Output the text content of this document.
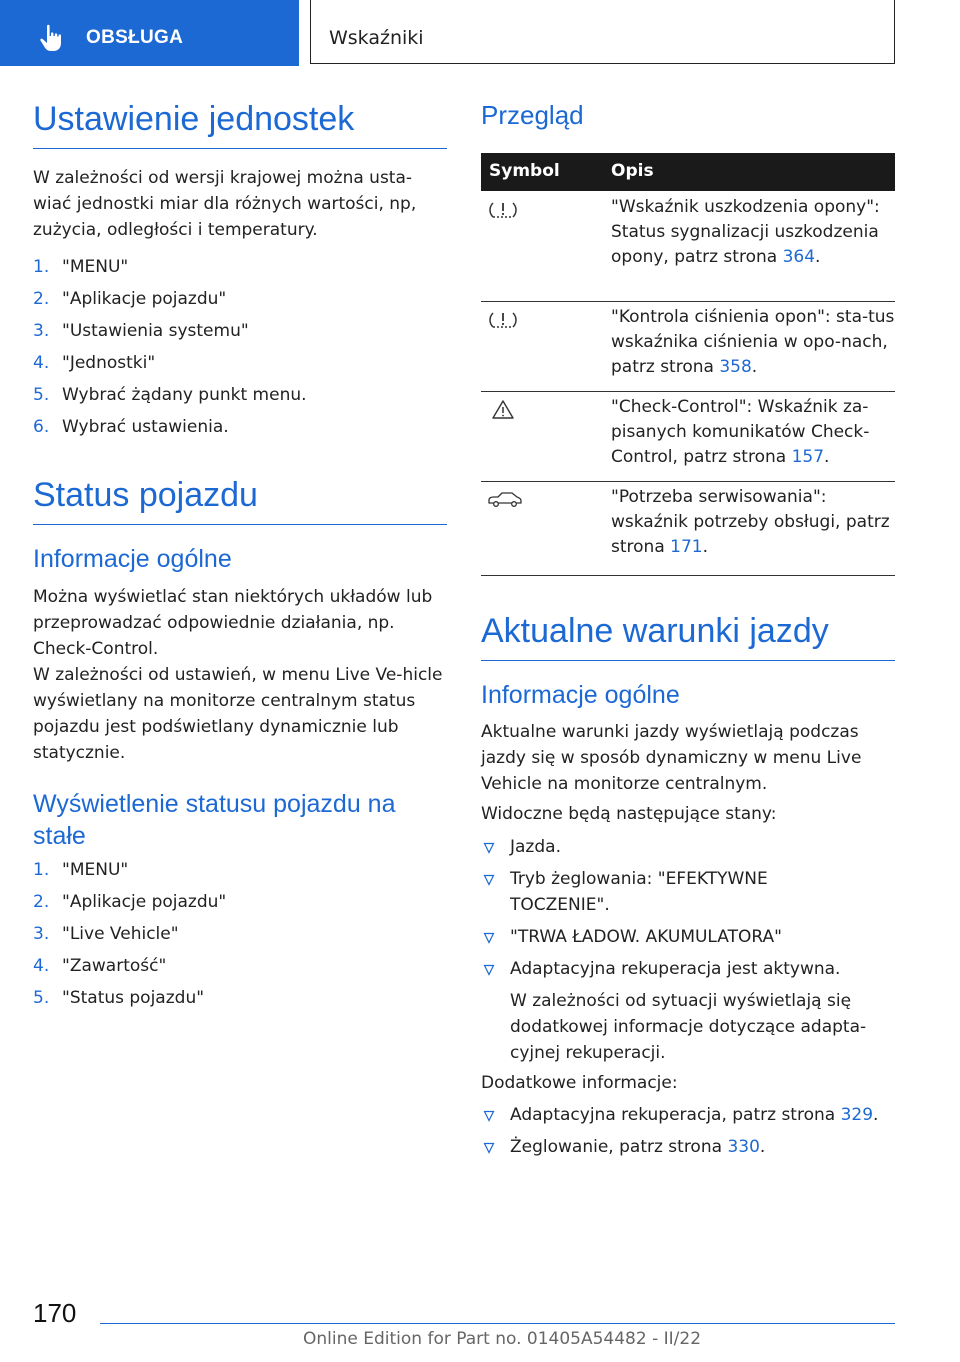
OBSŁUGA	Wskaźniki
Ustawienie jednostek
W zależności od wersji krajowej można usta-wiać jednostki miar dla różnych wartości, np, zużycia, odległości i temperatury.
1. "MENU"
2. "Aplikacje pojazdu"
3. "Ustawienia systemu"
4. "Jednostki"
5. Wybrać żądany punkt menu.
6. Wybrać ustawienia.
Status pojazdu
Informacje ogólne
Można wyświetlać stan niektórych układów lub przeprowadzać odpowiednie działania, np. Check-Control.
W zależności od ustawień, w menu Live Ve-hicle wyświetlany na monitorze centralnym status pojazdu jest podświetlany dynamicznie lub statycznie.
Wyświetlenie statusu pojazdu na stałe
1. "MENU"
2. "Aplikacje pojazdu"
3. "Live Vehicle"
4. "Zawartość"
5. "Status pojazdu"
Przegląd
Symbol	Opis
"Wskaźnik uszkodzenia opony": Status sygnalizacji uszkodzenia opony, patrz strona 364.
"Kontrola ciśnienia opon": sta-tus wskaźnika ciśnienia w opo-nach, patrz strona 358.
"Check-Control": Wskaźnik za-pisanych komunikatów Check-Control, patrz strona 157.
"Potrzeba serwisowania": wskaźnik potrzeby obsługi, patrz strona 171.
Aktualne warunki jazdy
Informacje ogólne
Aktualne warunki jazdy wyświetlają podczas jazdy się w sposób dynamiczny w menu Live Vehicle na monitorze centralnym.
Widoczne będą następujące stany:
Jazda.
Tryb żeglowania: "EFEKTYWNE TOCZENIE".
"TRWA ŁADOW. AKUMULATORA"
Adaptacyjna rekuperacja jest aktywna.
W zależności od sytuacji wyświetlają się dodatkowej informacje dotyczące adapta-cyjnej rekuperacji.
Dodatkowe informacje:
Adaptacyjna rekuperacja, patrz strona 329.
Żeglowanie, patrz strona 330.
170
Online Edition for Part no. 01405A54482 - II/22
